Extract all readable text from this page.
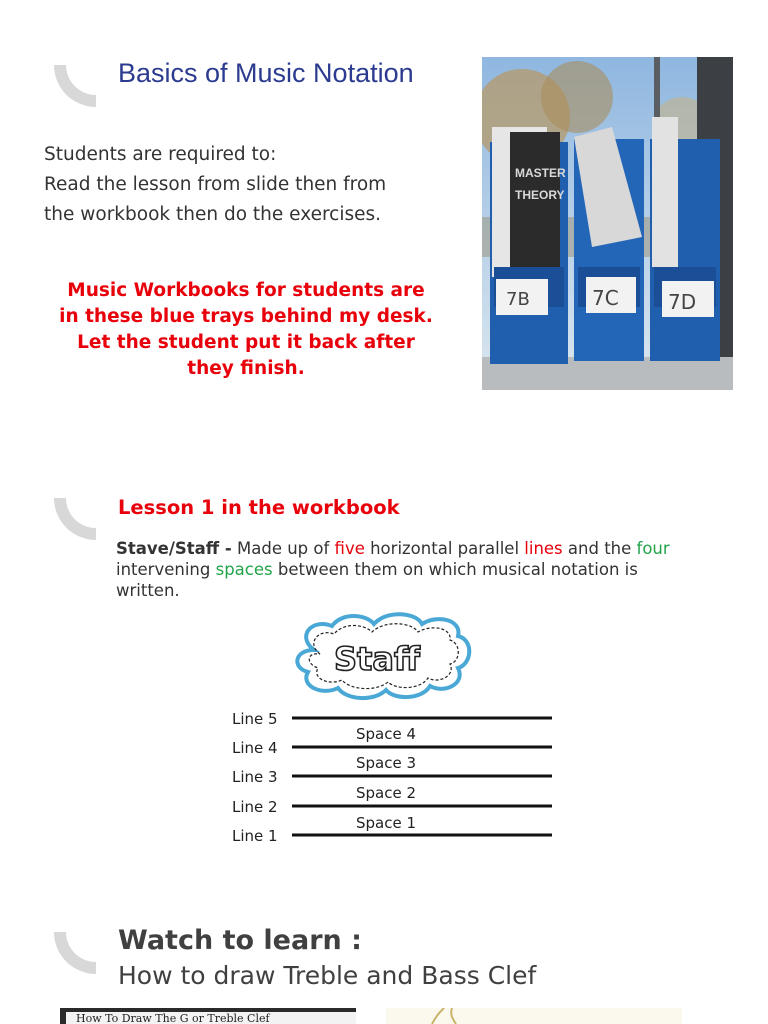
Basics of Music Notation
Students are required to:
Read the lesson from slide then from
the workbook then do the exercises.
Music Workbooks for students are
in these blue trays behind my desk.
Let the student put it back after
they finish.
MASTER
THEORY
7B	7C 7D
Lesson 1 in the workbook
Stave/Staff - Made up of five horizontal parallel lines and the four intervening spaces between them on which musical notation is written.
Staff
Line 5
Line 4
Line 3
Line 2
Line 1
Space 4
Space 3
Space 2
Space 1
Watch to learn :
How to draw Treble and Bass Clef
How To Draw The G or Treble Clef
